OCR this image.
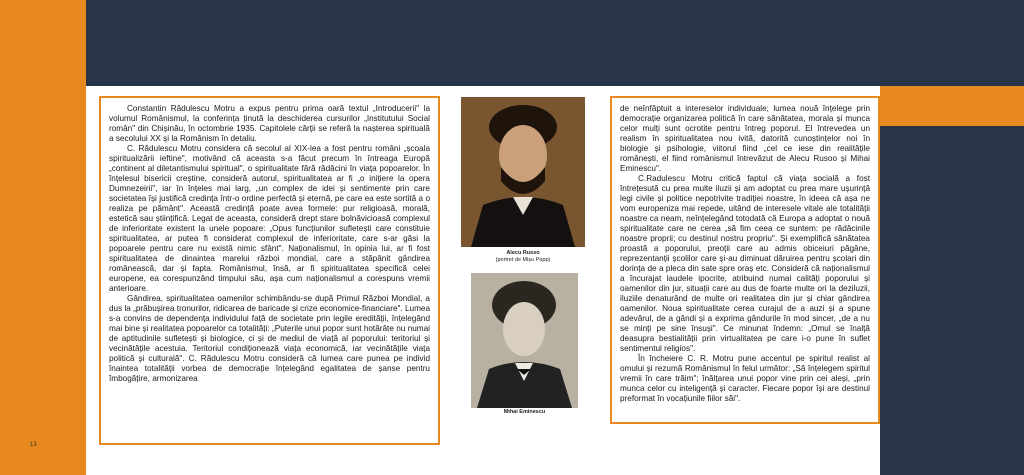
Constantin Rădulescu Motru a expus pentru prima oară textul „Introducerii" la volumul Românismul, la conferința ținută la deschiderea cursurilor „Institutului Social român" din Chișinău, în octombrie 1935. Capitolele cărții se referă la nașterea spiritualã a secolului XX și la Românism în detaliu.

C. Rădulescu Motru considera că secolul al XIX-lea a fost pentru români „școala spiritualizării ieftine", motivând că aceasta s-a făcut precum în întreaga Europă „continent al diletantismului spiritual", o spiritualitate fără rădăcini în viața popoarelor. În înțelesul bisericii creștine, consideră autorul, spiritualitatea ar fi „o inițiere la opera Dumnezeirii", iar în înțeles mai larg, „un complex de idei și sentimente prin care societatea își justifică credința într-o ordine perfectă și eternă, pe care ea este sortită a o realiza pe pământ". Această credință poate avea formele: pur religioasă, morală, estetică sau științifică. Legat de aceasta, consideră drept stare bolnăvicioasă complexul de inferioritate existent la unele popoare: „Opus funcțiunilor sufletești care constituie spiritualitatea, ar putea fi considerat complexul de inferioritate, care s-ar găsi la popoarele pentru care nu există nimic sfânt". Naționalismul, în opinia lui, ar fi fost spiritualitatea de dinaintea marelui război mondial, care a stăpânit gândirea românească, dar și fapta. Românismul, însă, ar fi spiritualitatea specifică celei europene, ea corespunzând timpului său, așa cum naționalismul a corespuns vremii anterioare.

Gândirea, spiritualitatea oamenilor schimbându-se după Primul Război Mondial, a dus la „prăbușirea tronurilor, ridicarea de baricade și crize economice-financiare". Lumea s-a convins de dependența individului față de societate prin legile eredității, înțelegând mai bine și realitatea popoarelor ca totalități: „Puterile unui popor sunt hotărâte nu numai de aptitudinile sufletești și biologice, ci și de mediul de viață al poporului: teritoriul și vecinătățile acestuia. Teritoriul condiționează viața economică, iar vecinătățile viața politică și culturală". C. Rădulescu Motru consideră că lumea care punea pe individ înaintea totalității vorbea de democrație înțelegând egalitatea de șanse pentru îmbogățire, armonizarea

Alecu Russo
(portret de Mișu Popp)
Mihai Eminescu

de neînfăptuit a intereselor individuale; lumea nouă înțelege prin democrație organizarea politică în care sănătatea, morala și munca celor mulți sunt ocrotite pentru întreg poporul. El întrevedea un realism în spiritualitatea nou ivită, datorită cunoștințelor noi în biologie și psihologie, viitorul fiind „cel ce iese din realitățile românești, el fiind românismul întrevăzut de Alecu Rusoo și Mihai Eminescu".

C.Radulescu Motru critică faptul că viața socială a fost întrețesută cu prea multe iluzii și am adoptat cu prea mare ușurință legi civile și politice nepotrivite tradiției noastre, în ideea că așa ne vom europeniza mai repede, uitând de interesele vitale ale totalității noastre ca neam, neînțelegând totodată că Europa a adoptat o nouă spiritualitate care ne cerea „să fim ceea ce suntem: pe rădăcinile noastre proprii; cu destinul nostru propriu". Și exemplifică sănătatea proastă a poporului, preoții care au admis obiceiuri păgâne, reprezentanții școlilor care și-au diminuat dăruirea pentru școlari din dorința de a pleca din sate spre oraș etc. Consideră că naționalismul a încurajat laudele ipocrite, atribuind numai calități poporului și oamenilor din jur, situații care au dus de foarte multe ori la deziluzii, iluziile denaturând de multe ori realitatea din jur și chiar gândirea oamenilor. Noua spiritualitate cerea curajul de a auzi și a spune adevărul, de a gândi și a exprima gândurile în mod sincer, „de a nu se minți pe sine însuși". Ce minunat îndemn: „Omul se înalță deasupra bestialității prin virtualitatea pe care i-o pune în suflet sentimentul religios".

În încheiere C. R. Motru pune accentul pe spiritul realist al omului și rezumă Românismul în felul următor: „Să înțelegem spiritul vremii în care trăim"; înălțarea unui popor vine prin cei aleși, „prin munca celor cu inteligență și caracter. Fiecare popor își are destinul preformat în vocațiunile fiilor săi".

13
